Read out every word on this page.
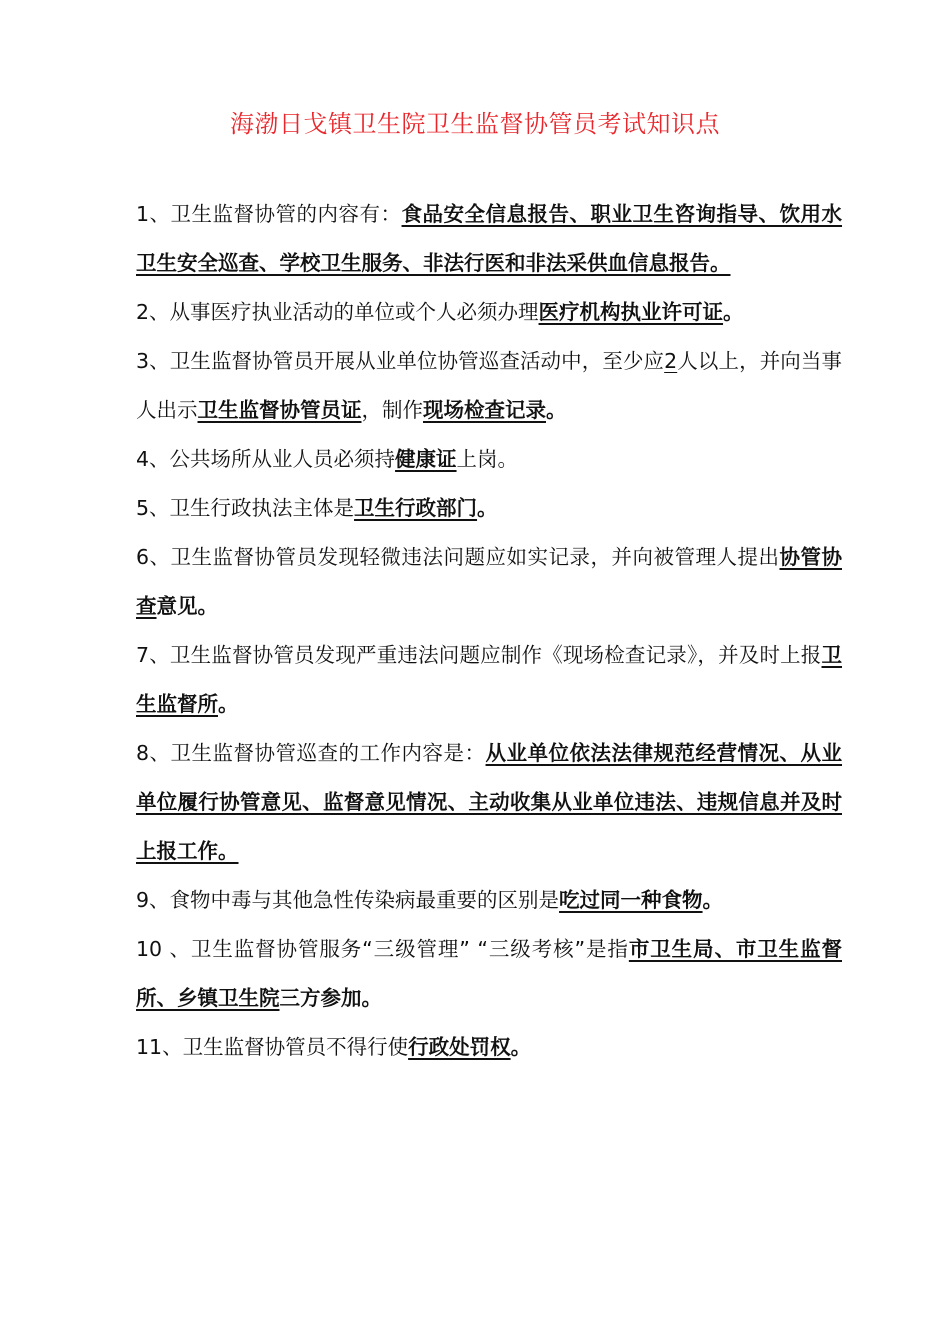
海渤日戈镇卫生院卫生监督协管员考试知识点
1、卫生监督协管的内容有：食品安全信息报告、职业卫生咨询指导、饮用水卫生安全巡查、学校卫生服务、非法行医和非法采供血信息报告。
2、从事医疗执业活动的单位或个人必须办理医疗机构执业许可证。
3、卫生监督协管员开展从业单位协管巡查活动中，至少应2人以上，并向当事人出示卫生监督协管员证，制作现场检查记录。
4、公共场所从业人员必须持健康证上岗。
5、卫生行政执法主体是卫生行政部门。
6、卫生监督协管员发现轻微违法问题应如实记录，并向被管理人提出协管协查意见。
7、卫生监督协管员发现严重违法问题应制作《现场检查记录》，并及时上报卫生监督所。
8、卫生监督协管巡查的工作内容是：从业单位依法法律规范经营情况、从业单位履行协管意见、监督意见情况、主动收集从业单位违法、违规信息并及时上报工作。
9、食物中毒与其他急性传染病最重要的区别是吃过同一种食物。
10 、卫生监督协管服务“三级管理” “三级考核”是指市卫生局、市卫生监督所、乡镇卫生院三方参加。
11、卫生监督协管员不得行使行政处罚权。
